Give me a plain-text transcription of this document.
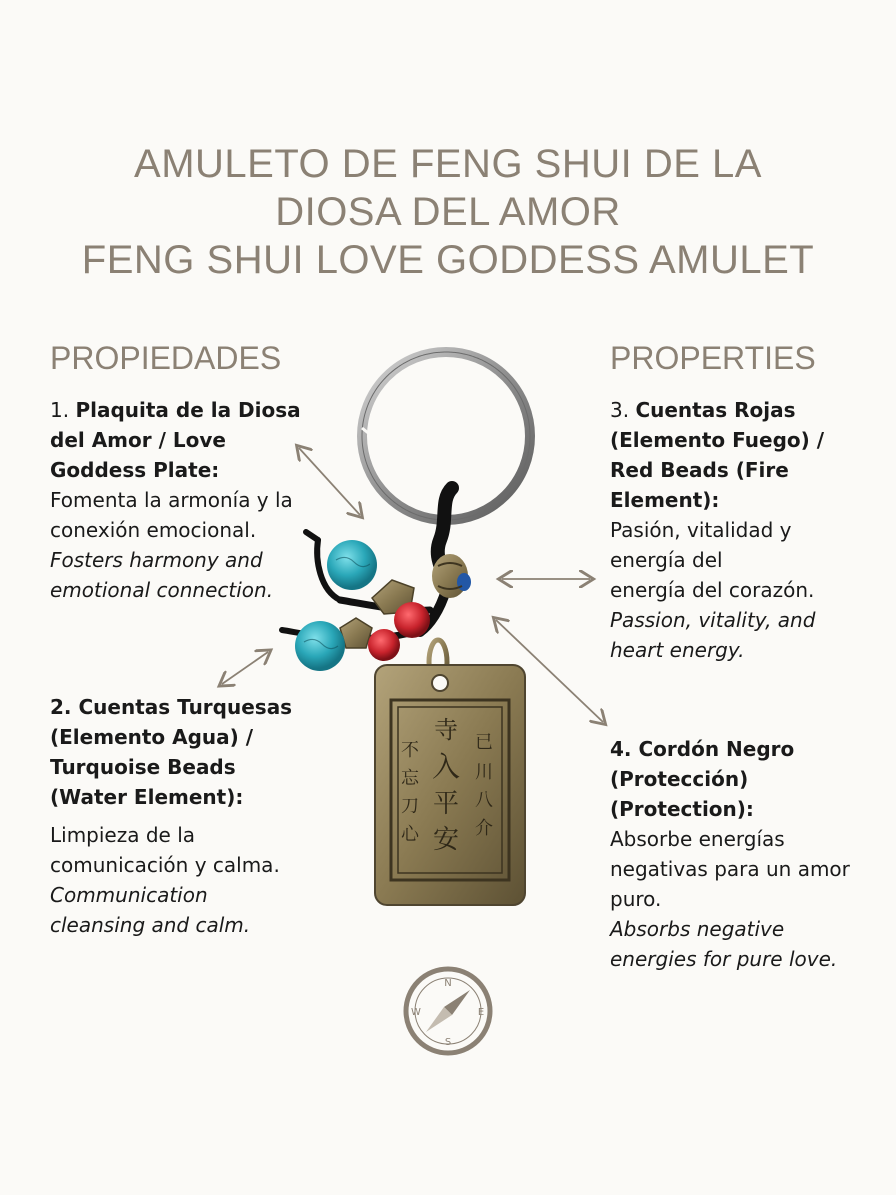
AMULETO DE FENG SHUI DE LA
DIOSA DEL AMOR
FENG SHUI LOVE GODDESS AMULET
PROPIEDADES	PROPERTIES
寺
入
平
安
已
川
八
介
不
忘
刀
心
N
S
E
W
1. Plaquita de la Diosa
del Amor / Love
Goddess Plate:
Fomenta la armonía y la
conexión emocional.
Fosters harmony and
emotional connection.
2. Cuentas Turquesas
(Elemento Agua) /
Turquoise Beads
(Water Element):
Limpieza de la
comunicación y calma.
Communication
cleansing and calm.
3. Cuentas Rojas
(Elemento Fuego) /
Red Beads (Fire
Element):
Pasión, vitalidad y
energía del
energía del corazón.
Passion, vitality, and
heart energy.
4. Cordón Negro
(Protección)
(Protection):
Absorbe energías
negativas para un amor
puro.
Absorbs negative
energies for pure love.
